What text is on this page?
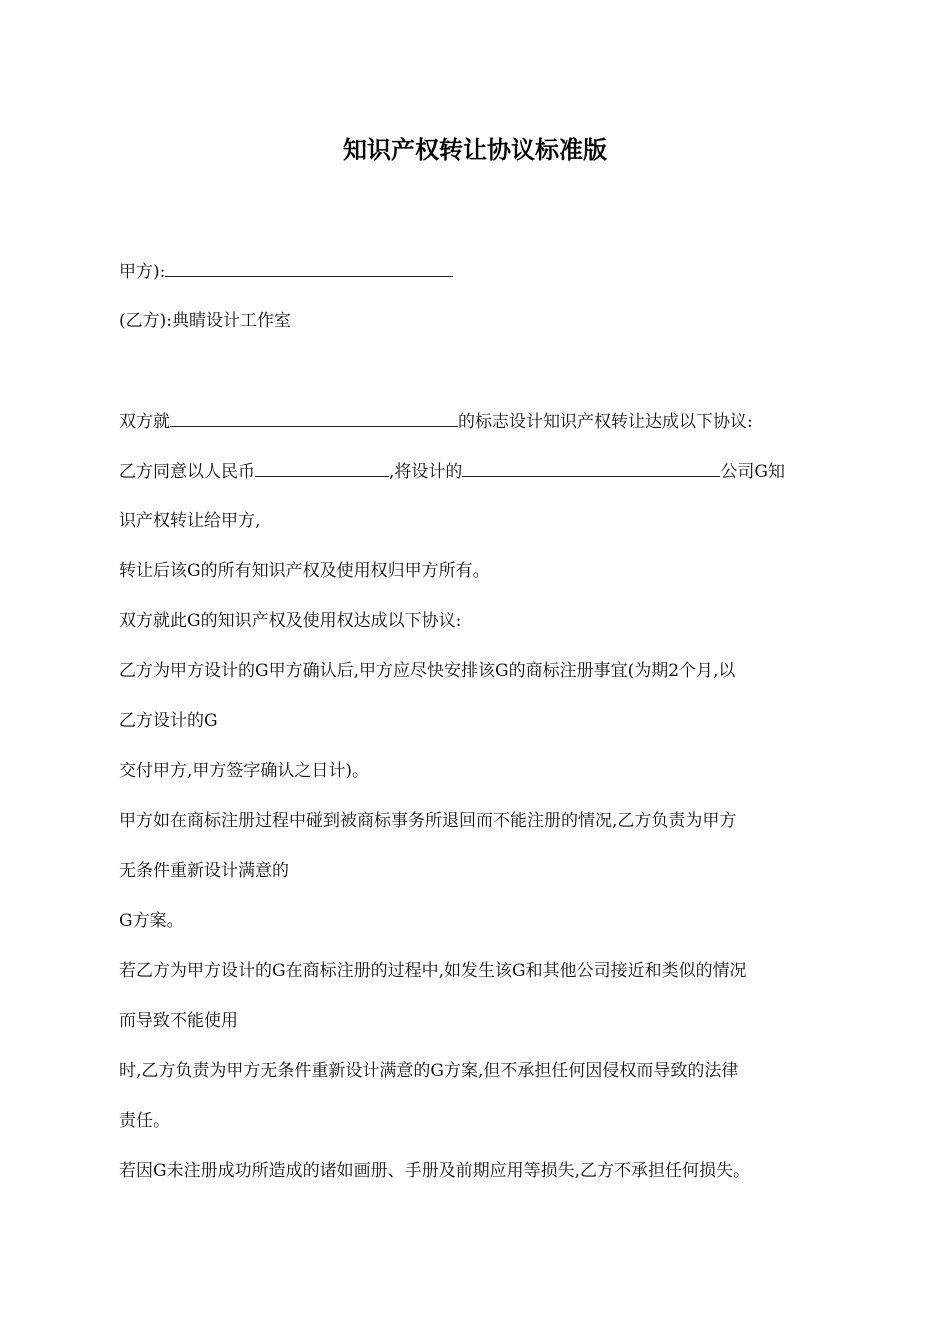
知识产权转让协议标准版
甲方):
(乙方):典睛设计工作室
双方就	的标志设计知识产权转让达成以下协议:
乙方同意以人民币	,将设计的	公司G知
识产权转让给甲方,
转让后该G的所有知识产权及使用权归甲方所有。
双方就此G的知识产权及使用权达成以下协议:
乙方为甲方设计的G甲方确认后,甲方应尽快安排该G的商标注册事宜(为期2个月,以
乙方设计的G
交付甲方,甲方签字确认之日计)。
甲方如在商标注册过程中碰到被商标事务所退回而不能注册的情况,乙方负责为甲方
无条件重新设计满意的
G方案。
若乙方为甲方设计的G在商标注册的过程中,如发生该G和其他公司接近和类似的情况
而导致不能使用
时,乙方负责为甲方无条件重新设计满意的G方案,但不承担任何因侵权而导致的法律
责任。
若因G未注册成功所造成的诸如画册、手册及前期应用等损失,乙方不承担任何损失。
